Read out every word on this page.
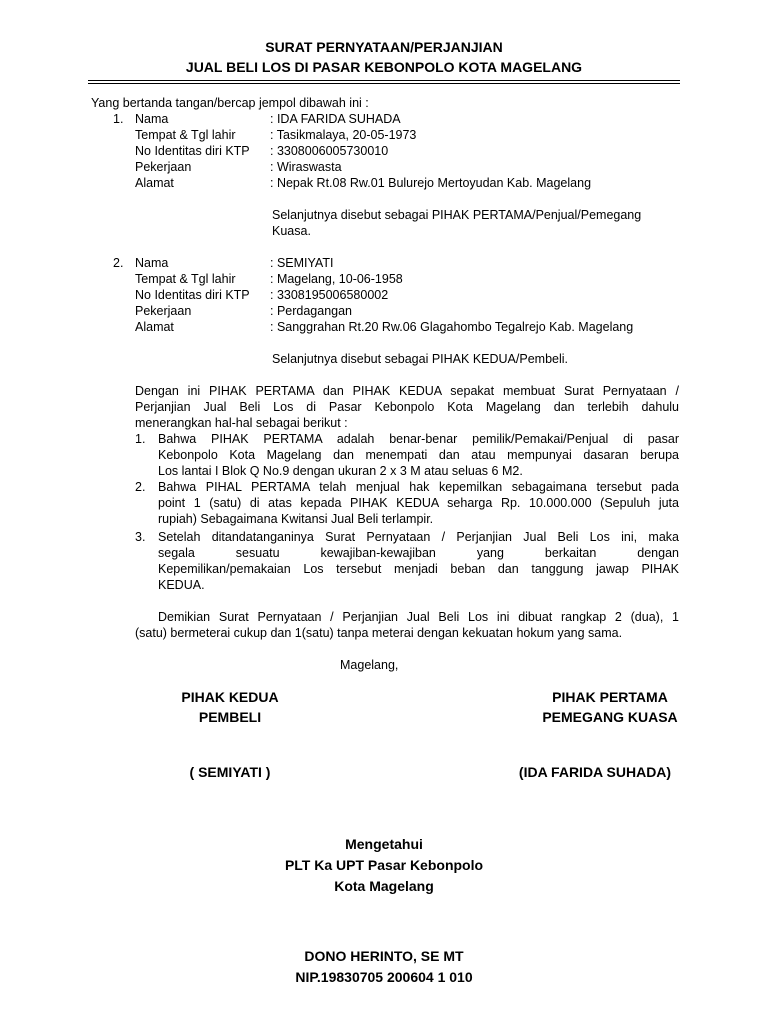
SURAT PERNYATAAN/PERJANJIAN
JUAL BELI LOS DI PASAR KEBONPOLO KOTA MAGELANG
Yang bertanda tangan/bercap jempol dibawah ini :
1. Nama	: IDA FARIDA SUHADA
Tempat & Tgl lahir	: Tasikmalaya, 20-05-1973
No Identitas diri KTP : 3308006005730010
Pekerjaan	: Wiraswasta
Alamat	: Nepak Rt.08 Rw.01 Bulurejo Mertoyudan Kab. Magelang
Selanjutnya disebut sebagai PIHAK PERTAMA/Penjual/Pemegang
Kuasa.
2. Nama	: SEMIYATI
Tempat & Tgl lahir	: Magelang, 10-06-1958
No Identitas diri KTP : 3308195006580002
Pekerjaan	: Perdagangan
Alamat	: Sanggrahan Rt.20 Rw.06 Glagahombo Tegalrejo Kab. Magelang
Selanjutnya disebut sebagai PIHAK KEDUA/Pembeli.
Dengan ini PIHAK PERTAMA dan PIHAK KEDUA sepakat membuat Surat Pernyataan /
Perjanjian Jual Beli Los di Pasar Kebonpolo Kota Magelang dan terlebih dahulu
menerangkan hal-hal sebagai berikut :
1. Bahwa PIHAK PERTAMA adalah benar-benar pemilik/Pemakai/Penjual di pasar
Kebonpolo Kota Magelang dan menempati dan atau mempunyai dasaran berupa
Los lantai I Blok Q No.9 dengan ukuran 2 x 3 M atau seluas 6 M2.
2. Bahwa PIHAL PERTAMA telah menjual hak kepemilkan sebagaimana tersebut pada
point 1 (satu) di atas kepada PIHAK KEDUA seharga Rp. 10.000.000 (Sepuluh juta
rupiah) Sebagaimana Kwitansi Jual Beli terlampir.
3. Setelah ditandatanganinya Surat Pernyataan / Perjanjian Jual Beli Los ini, maka
segala sesuatu kewajiban-kewajiban yang berkaitan dengan
Kepemilikan/pemakaian Los tersebut menjadi beban dan tanggung jawap PIHAK
KEDUA.
Demikian Surat Pernyataan / Perjanjian Jual Beli Los ini dibuat rangkap 2 (dua), 1
(satu) bermeterai cukup dan 1(satu) tanpa meterai dengan kekuatan hokum yang sama.
Magelang,
PIHAK KEDUA
PEMBELI
( SEMIYATI )
PIHAK PERTAMA
PEMEGANG KUASA
(IDA FARIDA SUHADA)
Mengetahui
PLT Ka UPT Pasar Kebonpolo
Kota Magelang
DONO HERINTO, SE MT
NIP.19830705 200604 1 010
